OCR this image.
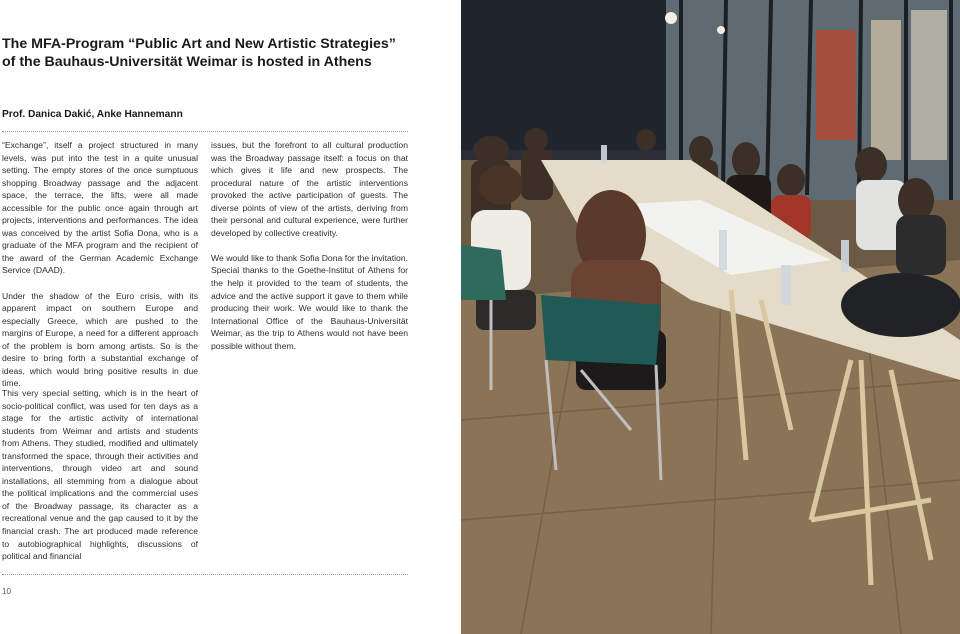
The MFA-Program “Public Art and New Artistic Strategies”
of the Bauhaus-Universität Weimar is hosted in Athens
Prof. Danica Dakić, Anke Hannemann

“Exchange”, itself a project structured in many levels, was put into the test in a quite unusual setting. The empty stores of the once sumptuous shopping Broadway passage and the adjacent space, the terrace, the lifts, were all made accessible for the public once again through art projects, interventions and performances. The idea was conceived by the artist Sofia Dona, who is a graduate of the MFA program and the recipient of the award of the German Academic Exchange Service (DAAD).

Under the shadow of the Euro crisis, with its apparent impact on southern Europe and especially Greece, which are pushed to the margins of Europe, a need for a different approach of the problem is born among artists. So is the desire to bring forth a substantial exchange of ideas, which would bring positive results in due time.

issues, but the forefront to all cultural production was the Broadway passage itself: a focus on that which gives it life and new prospects. The procedural nature of the artistic interventions provoked the active participation of guests. The diverse points of view of the artists, deriving from their personal and cultural experience, were further developed by collective creativity.

We would like to thank Sofia Dona for the invitation. Special thanks to the Goethe-Institut of Athens for the help it provided to the team of students, the advice and the active support it gave to them while producing their work. We would like to thank the International Office of the Bauhaus-Universität Weimar, as the trip to Athens would not have been possible without them.

This very special setting, which is in the heart of socio-political conflict, was used for ten days as a stage for the artistic activity of international students from Weimar and artists and students from Athens. They studied, modified and ultimately transformed the space, through their activities and interventions, through video art and sound installations, all stemming from a dialogue about the political implications and the commercial uses of the Broadway passage, its character as a recreational venue and the gap caused to it by the financial crash. The art produced made reference to autobiographical highlights, discussions of political and financial

10
